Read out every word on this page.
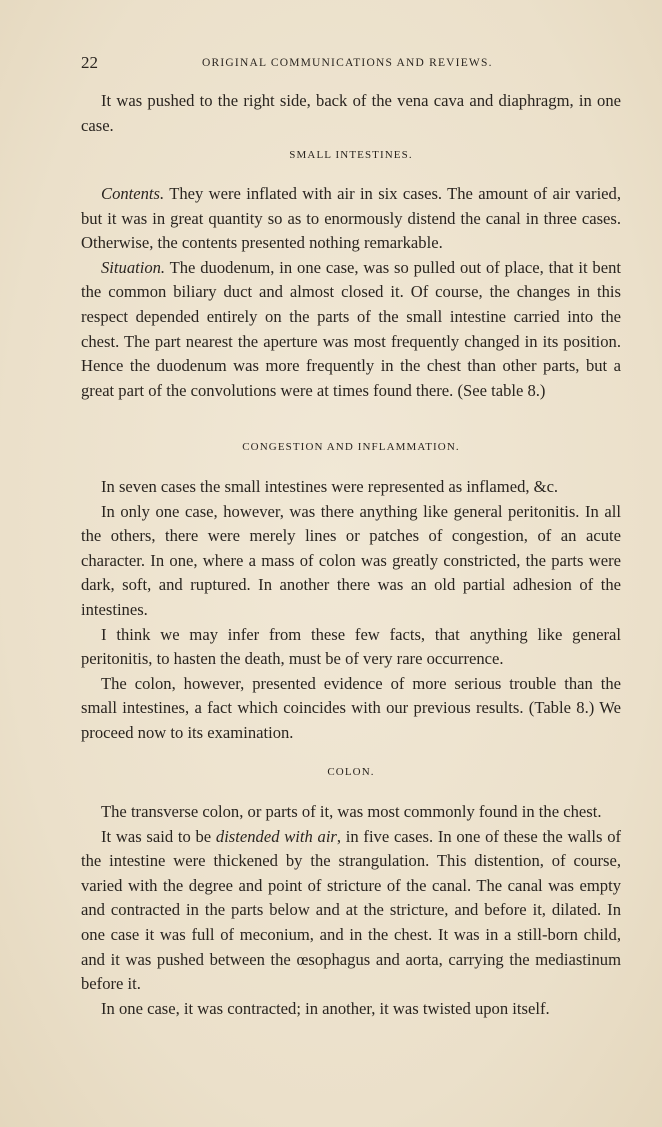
22	ORIGINAL COMMUNICATIONS AND REVIEWS.

It was pushed to the right side, back of the vena cava and diaphragm, in one case.

SMALL INTESTINES.

Contents. They were inflated with air in six cases. The amount of air varied, but it was in great quantity so as to enormously distend the canal in three cases. Otherwise, the contents presented nothing remarkable.

Situation. The duodenum, in one case, was so pulled out of place, that it bent the common biliary duct and almost closed it. Of course, the changes in this respect depended entirely on the parts of the small intestine carried into the chest. The part nearest the aperture was most frequently changed in its position. Hence the duodenum was more frequently in the chest than other parts, but a great part of the convolutions were at times found there. (See table 8.)

CONGESTION AND INFLAMMATION.

In seven cases the small intestines were represented as inflamed, &c.

In only one case, however, was there anything like general peritonitis. In all the others, there were merely lines or patches of congestion, of an acute character. In one, where a mass of colon was greatly constricted, the parts were dark, soft, and ruptured. In another there was an old partial adhesion of the intestines.

I think we may infer from these few facts, that anything like general peritonitis, to hasten the death, must be of very rare occurrence.

The colon, however, presented evidence of more serious trouble than the small intestines, a fact which coincides with our previous results. (Table 8.) We proceed now to its examination.

COLON.

The transverse colon, or parts of it, was most commonly found in the chest.

It was said to be distended with air, in five cases. In one of these the walls of the intestine were thickened by the strangulation. This distention, of course, varied with the degree and point of stricture of the canal. The canal was empty and contracted in the parts below and at the stricture, and before it, dilated. In one case it was full of meconium, and in the chest. It was in a still-born child, and it was pushed between the œsophagus and aorta, carrying the mediastinum before it.

In one case, it was contracted; in another, it was twisted upon itself.
